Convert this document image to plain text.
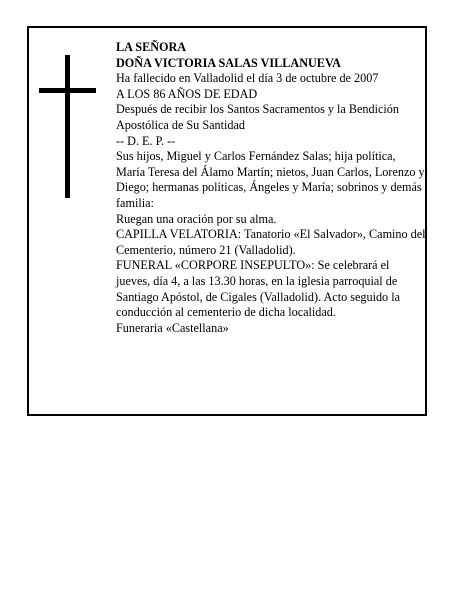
LA SEÑORA

DOÑA VICTORIA SALAS VILLANUEVA

Ha fallecido en Valladolid el día 3 de octubre de 2007

A LOS 86 AÑOS DE EDAD

Después de recibir los Santos Sacramentos y la Bendición Apostólica de Su Santidad

-- D. E. P. --

Sus hijos, Miguel y Carlos Fernández Salas; hija política, María Teresa del Álamo Martín; nietos, Juan Carlos, Lorenzo y Diego; hermanas políticas, Ángeles y María; sobrinos y demás familia:

Ruegan una oración por su alma.

CAPILLA VELATORIA: Tanatorio «El Salvador», Camino del Cementerio, número 21 (Valladolid).

FUNERAL «CORPORE INSEPULTO»: Se celebrará el jueves, día 4, a las 13.30 horas, en la iglesia parroquial de Santiago Apóstol, de Cigales (Valladolid). Acto seguido la conducción al cementerio de dicha localidad.

Funeraria «Castellana»
